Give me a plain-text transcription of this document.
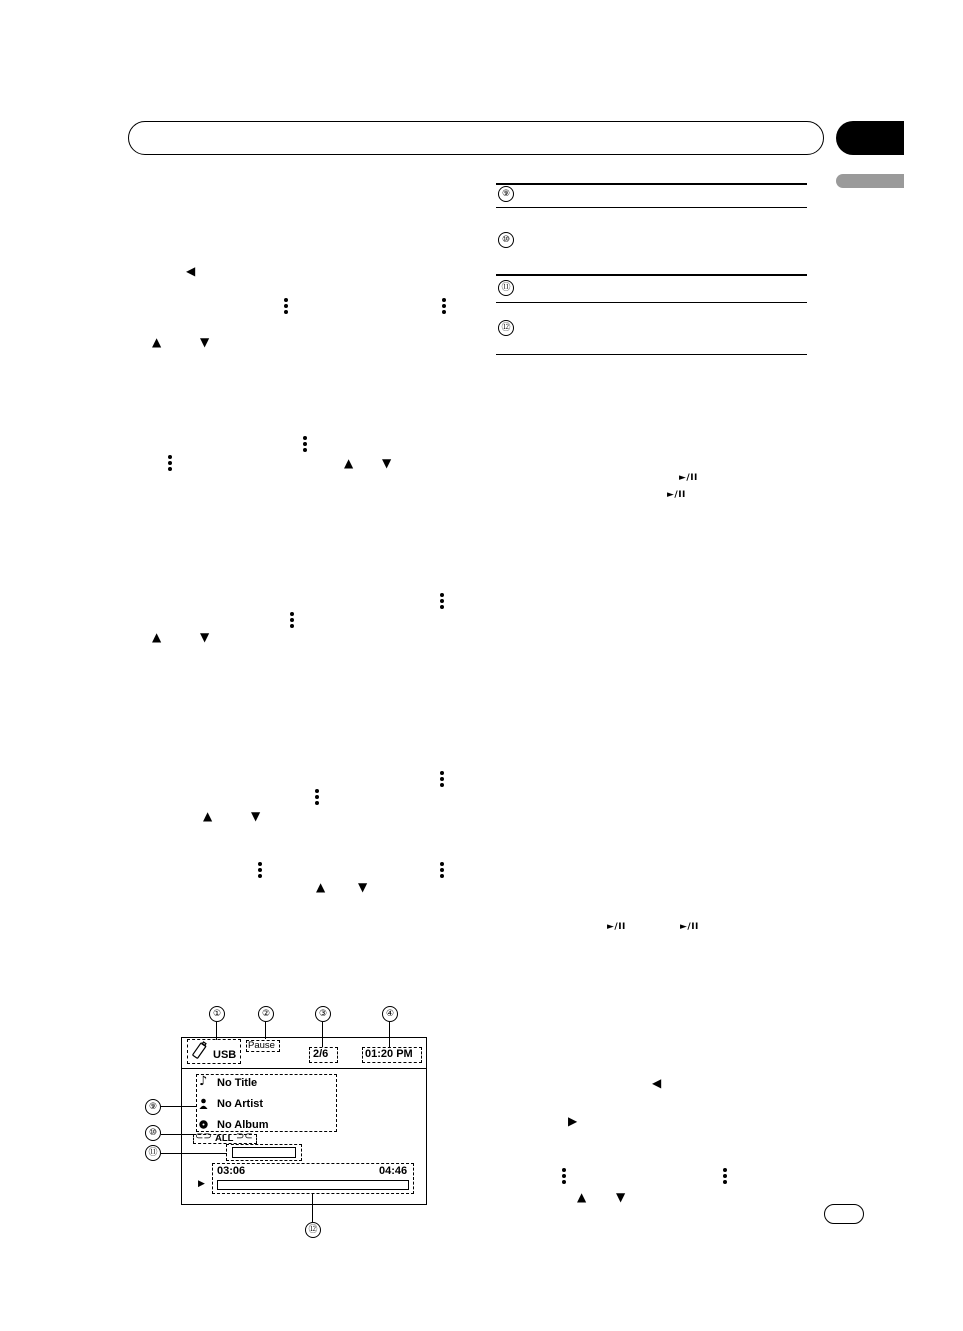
◀
▲	▼
▲ ▼
▲	▼
▲	▼
▲	▼
⑨
⑩
⑪
⑫
►/II
►/II
►/II	►/II
◀
▶
▲ ▼
①	②	③	④
USB
Pause
2/6	01:20 PM
♪ No Title
No Artist
No Album
⑨
⊂⊃ ALL ⊃⊂
⑩
⑪
▶
03:06	04:46
⑫
